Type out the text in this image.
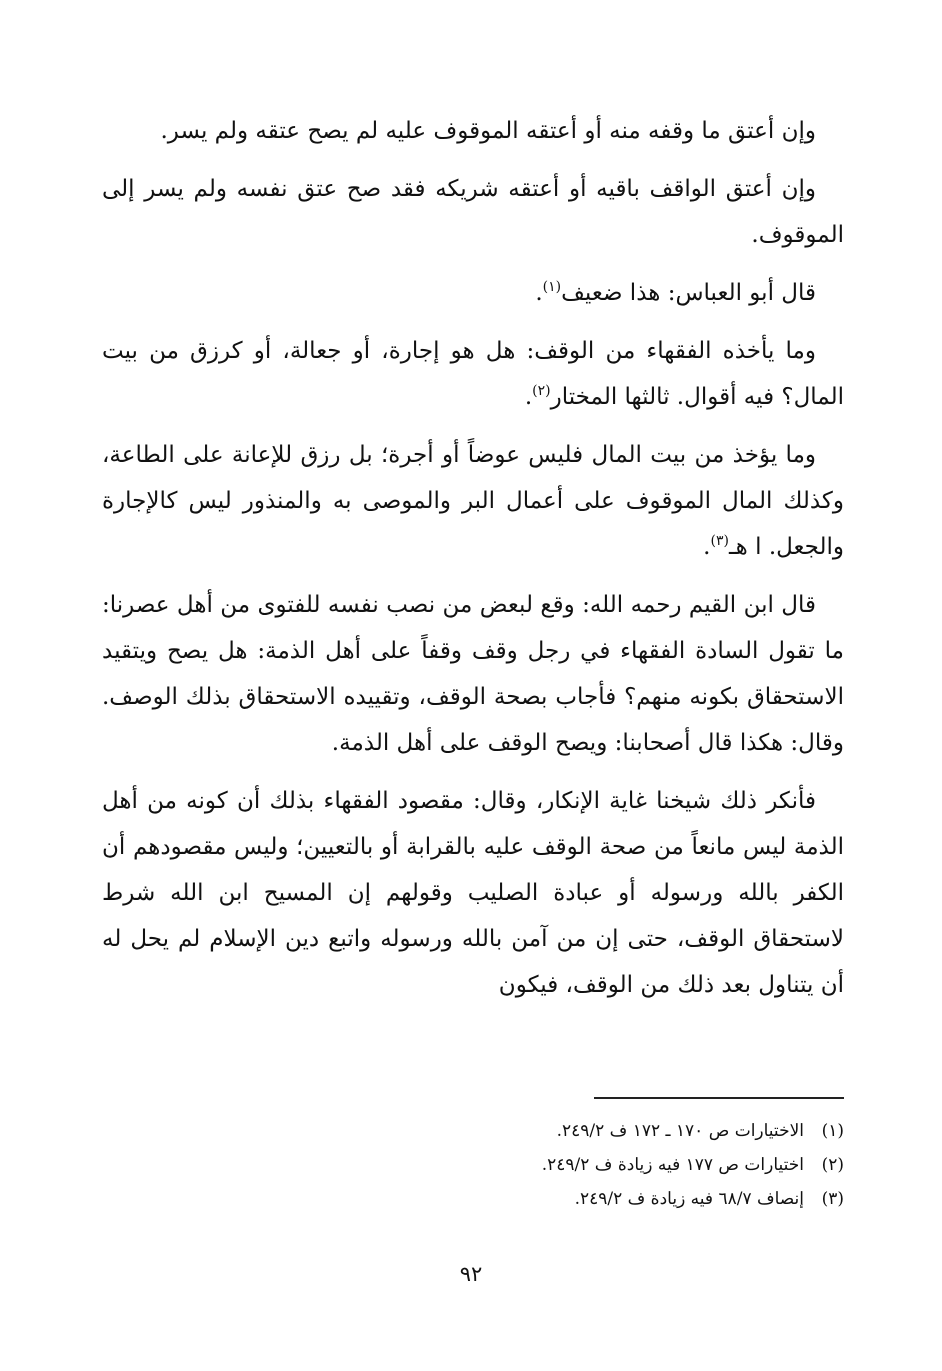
وإن أعتق ما وقفه منه أو أعتقه الموقوف عليه لم يصح عتقه ولم يسر.

وإن أعتق الواقف باقيه أو أعتقه شريكه فقد صح عتق نفسه ولم يسر إلى الموقوف.

قال أبو العباس: هذا ضعيف$^{(١)}$.

وما يأخذه الفقهاء من الوقف: هل هو إجارة، أو جعالة، أو كرزق من بيت المال؟ فيه أقوال. ثالثها المختار$^{(٢)}$.

وما يؤخذ من بيت المال فليس عوضاً أو أجرة؛ بل رزق للإعانة على الطاعة، وكذلك المال الموقوف على أعمال البر والموصى به والمنذور ليس كالإجارة والجعل. ا هـ$^{(٣)}$.

قال ابن القيم رحمه الله: وقع لبعض من نصب نفسه للفتوى من أهل عصرنا: ما تقول السادة الفقهاء في رجل وقف وقفاً على أهل الذمة: هل يصح ويتقيد الاستحقاق بكونه منهم؟ فأجاب بصحة الوقف، وتقييده الاستحقاق بذلك الوصف. وقال: هكذا قال أصحابنا: ويصح الوقف على أهل الذمة.

فأنكر ذلك شيخنا غاية الإنكار، وقال: مقصود الفقهاء بذلك أن كونه من أهل الذمة ليس مانعاً من صحة الوقف عليه بالقرابة أو بالتعيين؛ وليس مقصودهم أن الكفر بالله ورسوله أو عبادة الصليب وقولهم إن المسيح ابن الله شرط لاستحقاق الوقف، حتى إن من آمن بالله ورسوله واتبع دين الإسلام لم يحل له أن يتناول بعد ذلك من الوقف، فيكون

(١)الاختيارات ص ١٧٠ ـ ١٧٢ ف ٢٤٩/٢.

(٢)اختيارات ص ١٧٧ فيه زيادة ف ٢٤٩/٢.

(٣)إنصاف ٦٨/٧ فيه زيادة ف ٢٤٩/٢.

٩٢
